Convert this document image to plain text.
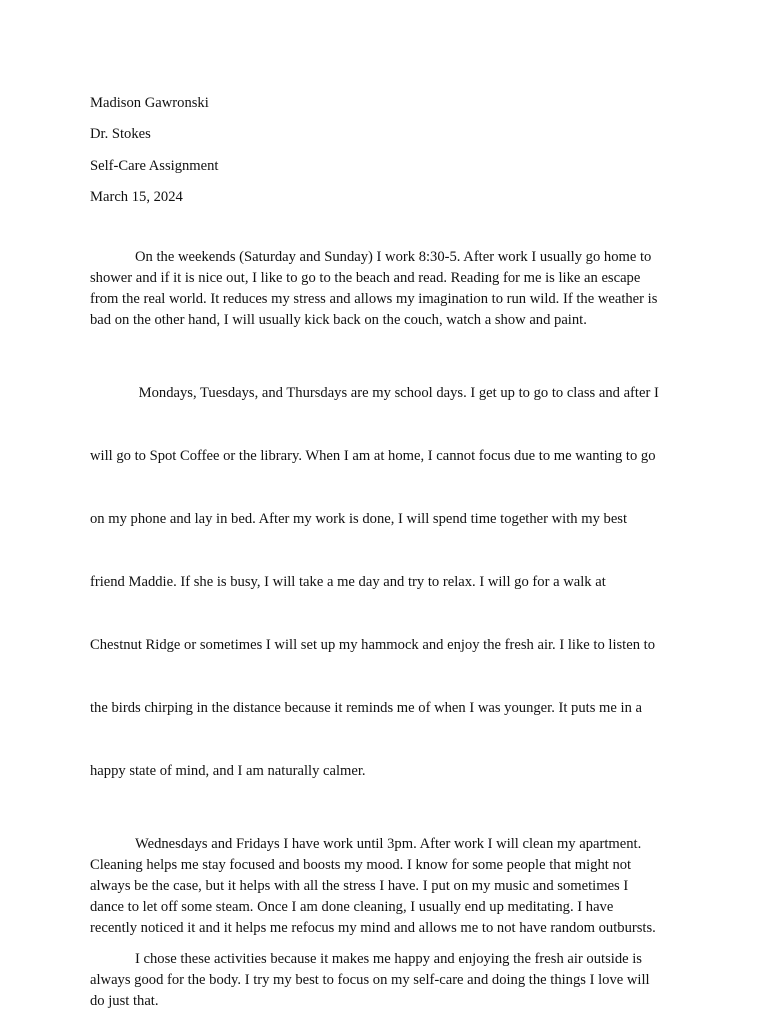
Madison Gawronski
Dr. Stokes
Self-Care Assignment
March 15, 2024

On the weekends (Saturday and Sunday) I work 8:30-5. After work I usually go home to
shower and if it is nice out, I like to go to the beach and read. Reading for me is like an escape
from the real world. It reduces my stress and allows my imagination to run wild. If the weather is
bad on the other hand, I will usually kick back on the couch, watch a show and paint.

Mondays, Tuesdays, and Thursdays are my school days. I get up to go to class and after I

will go to Spot Coffee or the library. When I am at home, I cannot focus due to me wanting to go

on my phone and lay in bed. After my work is done, I will spend time together with my best

friend Maddie. If she is busy, I will take a me day and try to relax. I will go for a walk at

Chestnut Ridge or sometimes I will set up my hammock and enjoy the fresh air. I like to listen to

the birds chirping in the distance because it reminds me of when I was younger. It puts me in a

happy state of mind, and I am naturally calmer.

Wednesdays and Fridays I have work until 3pm. After work I will clean my apartment.
Cleaning helps me stay focused and boosts my mood. I know for some people that might not
always be the case, but it helps with all the stress I have. I put on my music and sometimes I
dance to let off some steam. Once I am done cleaning, I usually end up meditating. I have
recently noticed it and it helps me refocus my mind and allows me to not have random outbursts.

I chose these activities because it makes me happy and enjoying the fresh air outside is
always good for the body. I try my best to focus on my self-care and doing the things I love will
do just that.
